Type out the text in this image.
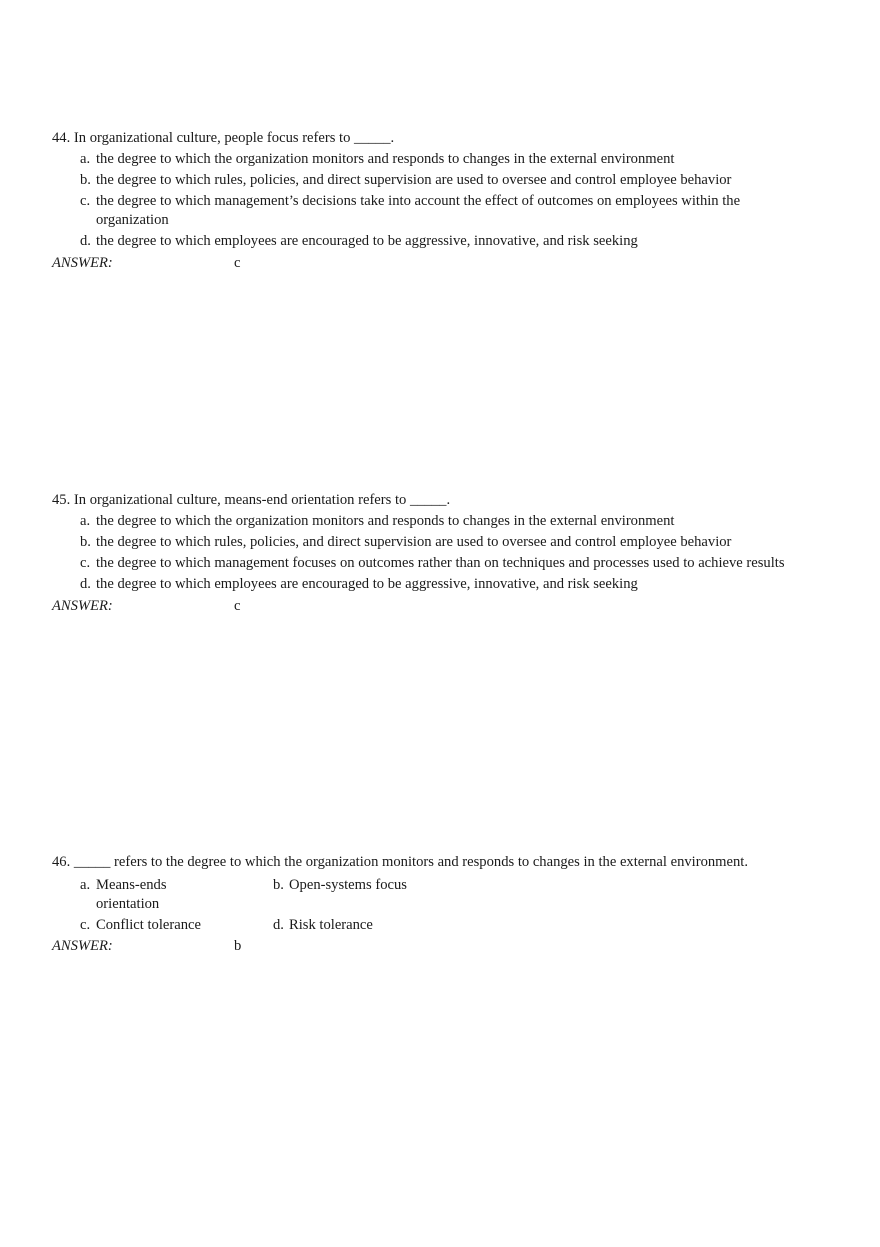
44. In organizational culture, people focus refers to _____.
a. the degree to which the organization monitors and responds to changes in the external environment
b. the degree to which rules, policies, and direct supervision are used to oversee and control employee behavior
c. the degree to which management’s decisions take into account the effect of outcomes on employees within the organization
d. the degree to which employees are encouraged to be aggressive, innovative, and risk seeking
ANSWER:	c
45. In organizational culture, means-end orientation refers to _____.
a. the degree to which the organization monitors and responds to changes in the external environment
b. the degree to which rules, policies, and direct supervision are used to oversee and control employee behavior
c. the degree to which management focuses on outcomes rather than on techniques and processes used to achieve results
d. the degree to which employees are encouraged to be aggressive, innovative, and risk seeking
ANSWER:	c
46. _____ refers to the degree to which the organization monitors and responds to changes in the external environment.
a. Means-ends orientation
b. Open-systems focus
c. Conflict tolerance	d. Risk tolerance
ANSWER:	b
